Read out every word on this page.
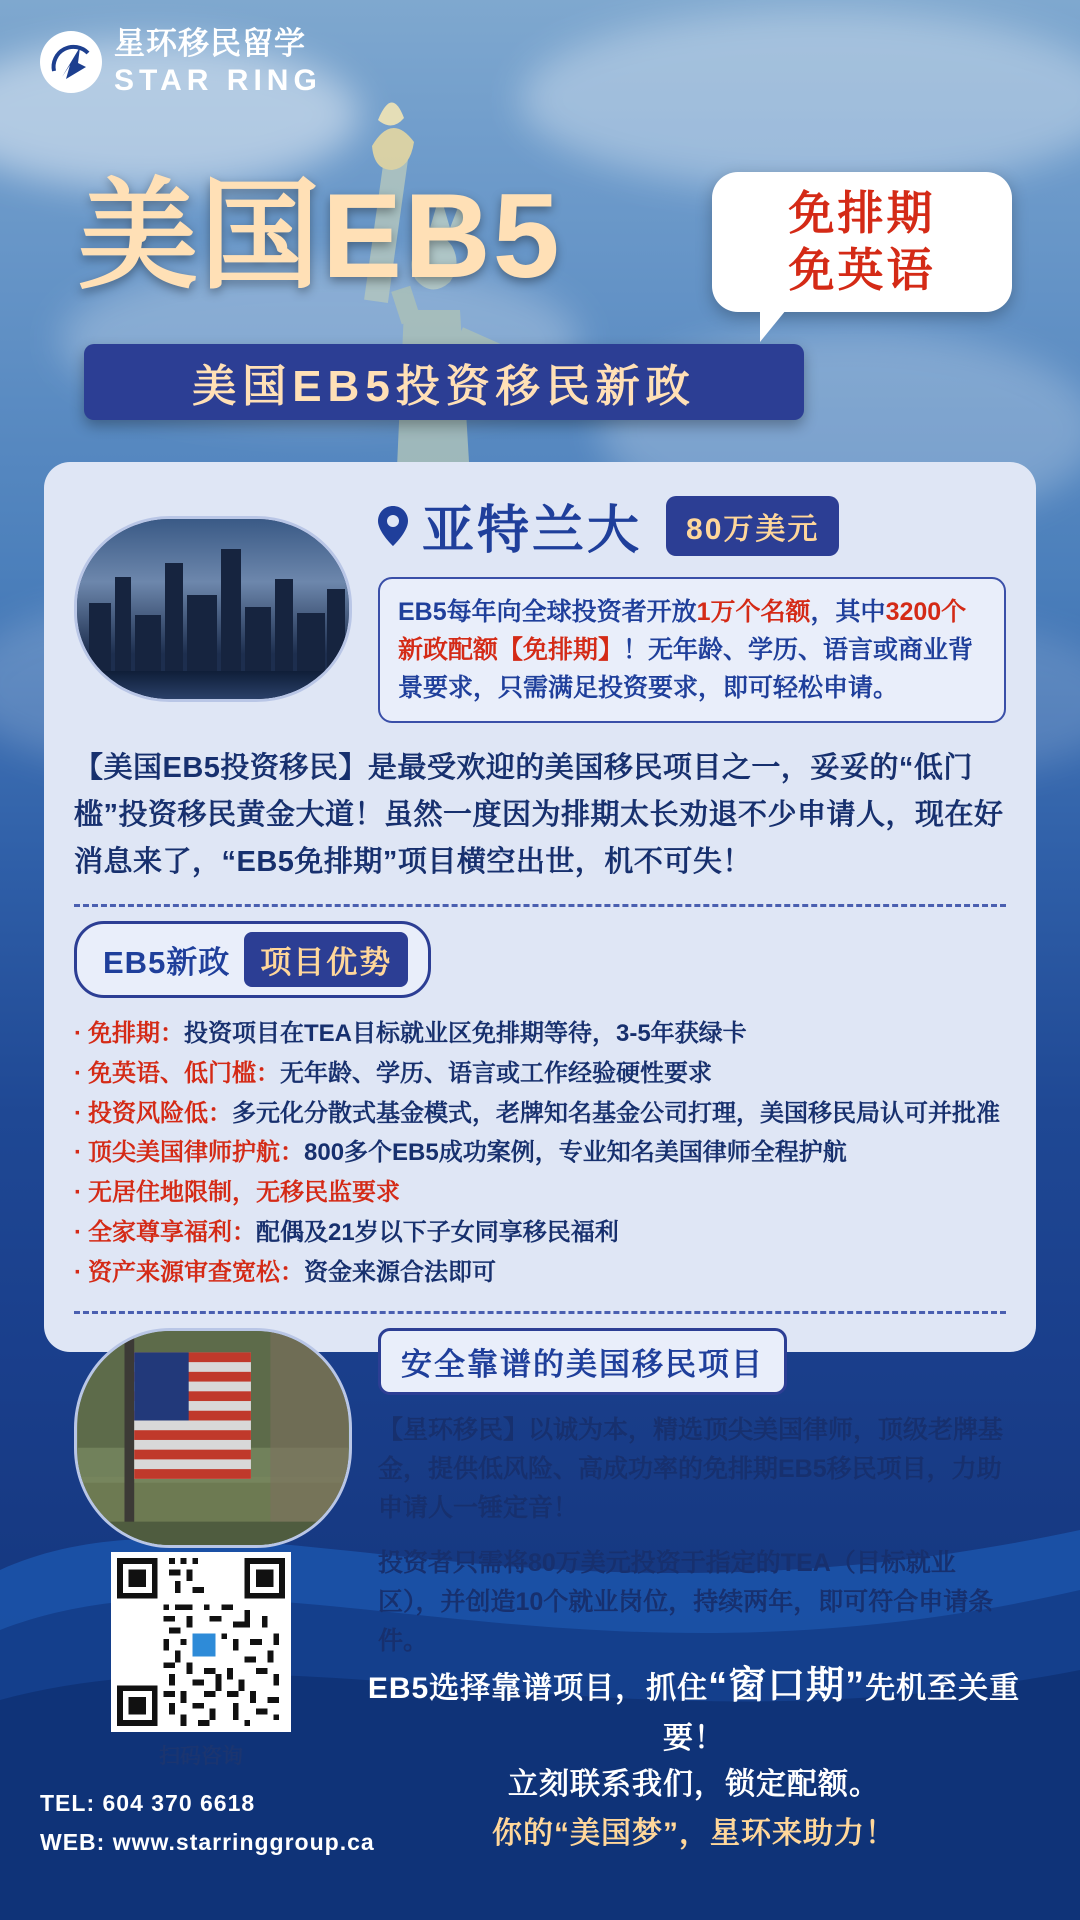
星环移民留学
STAR RING
美国EB5	免排期
免英语
美国EB5投资移民新政
亚特兰大	80万美元

EB5每年向全球投资者开放1万个名额，其中3200个新政配额【免排期】！无年龄、学历、语言或商业背景要求，只需满足投资要求，即可轻松申请。

【美国EB5投资移民】是最受欢迎的美国移民项目之一，妥妥的“低门槛”投资移民黄金大道！虽然一度因为排期太长劝退不少申请人，现在好消息来了，“EB5免排期”项目横空出世，机不可失！
EB5新政 项目优势
· 免排期：投资项目在TEA目标就业区免排期等待，3-5年获绿卡
· 免英语、低门槛：无年龄、学历、语言或工作经验硬性要求
· 投资风险低：多元化分散式基金模式，老牌知名基金公司打理，美国移民局认可并批准
· 顶尖美国律师护航：800多个EB5成功案例，专业知名美国律师全程护航
· 无居住地限制，无移民监要求
· 全家尊享福利：配偶及21岁以下子女同享移民福利
· 资产来源审查宽松：资金来源合法即可
安全靠谱的美国移民项目

【星环移民】以诚为本，精选顶尖美国律师，顶级老牌基金，提供低风险、高成功率的免排期EB5移民项目，力助申请人一锤定音！

投资者只需将80万美元投资于指定的TEA（目标就业区），并创造10个就业岗位，持续两年，即可符合申请条件。

扫码咨询
TEL: 604 370 6618
WEB: www.starringgroup.ca
EB5选择靠谱项目，抓住“窗口期”先机至关重要！
立刻联系我们，锁定配额。
你的“美国梦”，星环来助力！
